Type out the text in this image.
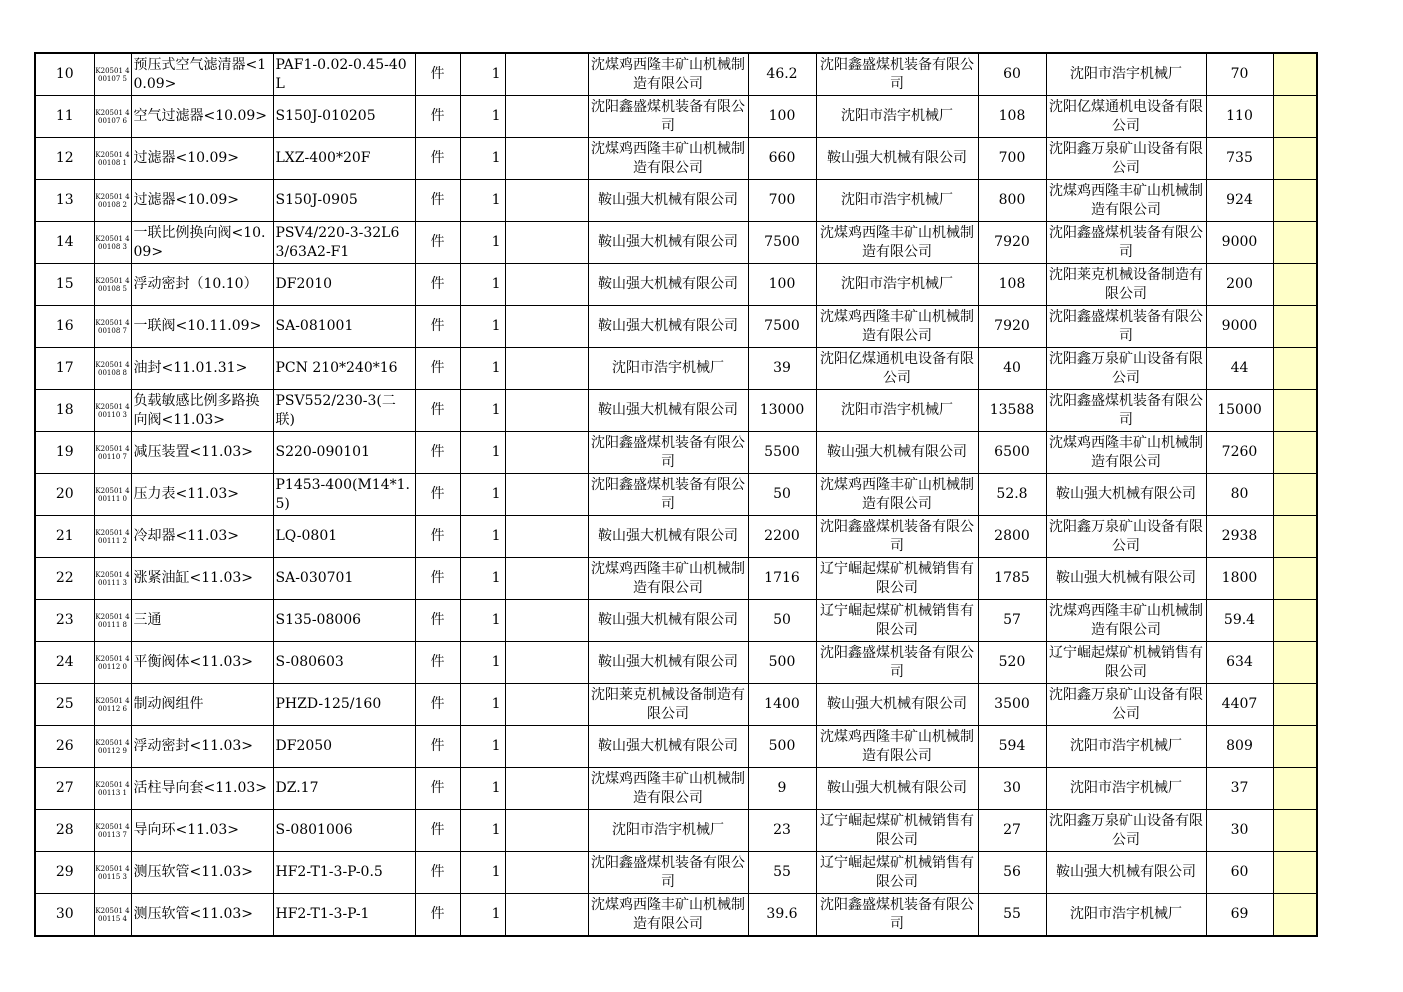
10	K20501 400107 5	预压式空气滤清器<10.09>	PAF1-0.02-0.45-40L	件	1		沈煤鸡西隆丰矿山机械制造有限公司	46.2	沈阳鑫盛煤机装备有限公司	60	沈阳市浩宇机械厂	70	
11	K20501 400107 6	空气过滤器<10.09>	S150J-010205	件	1		沈阳鑫盛煤机装备有限公司	100	沈阳市浩宇机械厂	108	沈阳亿煤通机电设备有限公司	110	
12	K20501 400108 1	过滤器<10.09>	LXZ-400*20F	件	1		沈煤鸡西隆丰矿山机械制造有限公司	660	鞍山强大机械有限公司	700	沈阳鑫万泉矿山设备有限公司	735	
13	K20501 400108 2	过滤器<10.09>	S150J-0905	件	1		鞍山强大机械有限公司	700	沈阳市浩宇机械厂	800	沈煤鸡西隆丰矿山机械制造有限公司	924	
14	K20501 400108 3	一联比例换向阀<10.09>	PSV4/220-3-32L63/63A2-F1	件	1		鞍山强大机械有限公司	7500	沈煤鸡西隆丰矿山机械制造有限公司	7920	沈阳鑫盛煤机装备有限公司	9000	
15	K20501 400108 5	浮动密封（10.10）	DF2010	件	1		鞍山强大机械有限公司	100	沈阳市浩宇机械厂	108	沈阳莱克机械设备制造有限公司	200	
16	K20501 400108 7	一联阀<10.11.09>	SA-081001	件	1		鞍山强大机械有限公司	7500	沈煤鸡西隆丰矿山机械制造有限公司	7920	沈阳鑫盛煤机装备有限公司	9000	
17	K20501 400108 8	油封<11.01.31>	PCN 210*240*16	件	1		沈阳市浩宇机械厂	39	沈阳亿煤通机电设备有限公司	40	沈阳鑫万泉矿山设备有限公司	44	
18	K20501 400110 3	负载敏感比例多路换向阀<11.03>	PSV552/230-3(二联)	件	1		鞍山强大机械有限公司	13000	沈阳市浩宇机械厂	13588	沈阳鑫盛煤机装备有限公司	15000	
19	K20501 400110 7	减压装置<11.03>	S220-090101	件	1		沈阳鑫盛煤机装备有限公司	5500	鞍山强大机械有限公司	6500	沈煤鸡西隆丰矿山机械制造有限公司	7260	
20	K20501 400111 0	压力表<11.03>	P1453-400(M14*1.5)	件	1		沈阳鑫盛煤机装备有限公司	50	沈煤鸡西隆丰矿山机械制造有限公司	52.8	鞍山强大机械有限公司	80	
21	K20501 400111 2	冷却器<11.03>	LQ-0801	件	1		鞍山强大机械有限公司	2200	沈阳鑫盛煤机装备有限公司	2800	沈阳鑫万泉矿山设备有限公司	2938	
22	K20501 400111 3	涨紧油缸<11.03>	SA-030701	件	1		沈煤鸡西隆丰矿山机械制造有限公司	1716	辽宁崛起煤矿机械销售有限公司	1785	鞍山强大机械有限公司	1800	
23	K20501 400111 8	三通	S135-08006	件	1		鞍山强大机械有限公司	50	辽宁崛起煤矿机械销售有限公司	57	沈煤鸡西隆丰矿山机械制造有限公司	59.4	
24	K20501 400112 0	平衡阀体<11.03>	S-080603	件	1		鞍山强大机械有限公司	500	沈阳鑫盛煤机装备有限公司	520	辽宁崛起煤矿机械销售有限公司	634	
25	K20501 400112 6	制动阀组件	PHZD-125/160	件	1		沈阳莱克机械设备制造有限公司	1400	鞍山强大机械有限公司	3500	沈阳鑫万泉矿山设备有限公司	4407	
26	K20501 400112 9	浮动密封<11.03>	DF2050	件	1		鞍山强大机械有限公司	500	沈煤鸡西隆丰矿山机械制造有限公司	594	沈阳市浩宇机械厂	809	
27	K20501 400113 1	活柱导向套<11.03>	DZ.17	件	1		沈煤鸡西隆丰矿山机械制造有限公司	9	鞍山强大机械有限公司	30	沈阳市浩宇机械厂	37	
28	K20501 400113 7	导向环<11.03>	S-0801006	件	1		沈阳市浩宇机械厂	23	辽宁崛起煤矿机械销售有限公司	27	沈阳鑫万泉矿山设备有限公司	30	
29	K20501 400115 3	测压软管<11.03>	HF2-T1-3-P-0.5	件	1		沈阳鑫盛煤机装备有限公司	55	辽宁崛起煤矿机械销售有限公司	56	鞍山强大机械有限公司	60	
30	K20501 400115 4	测压软管<11.03>	HF2-T1-3-P-1	件	1		沈煤鸡西隆丰矿山机械制造有限公司	39.6	沈阳鑫盛煤机装备有限公司	55	沈阳市浩宇机械厂	69	
